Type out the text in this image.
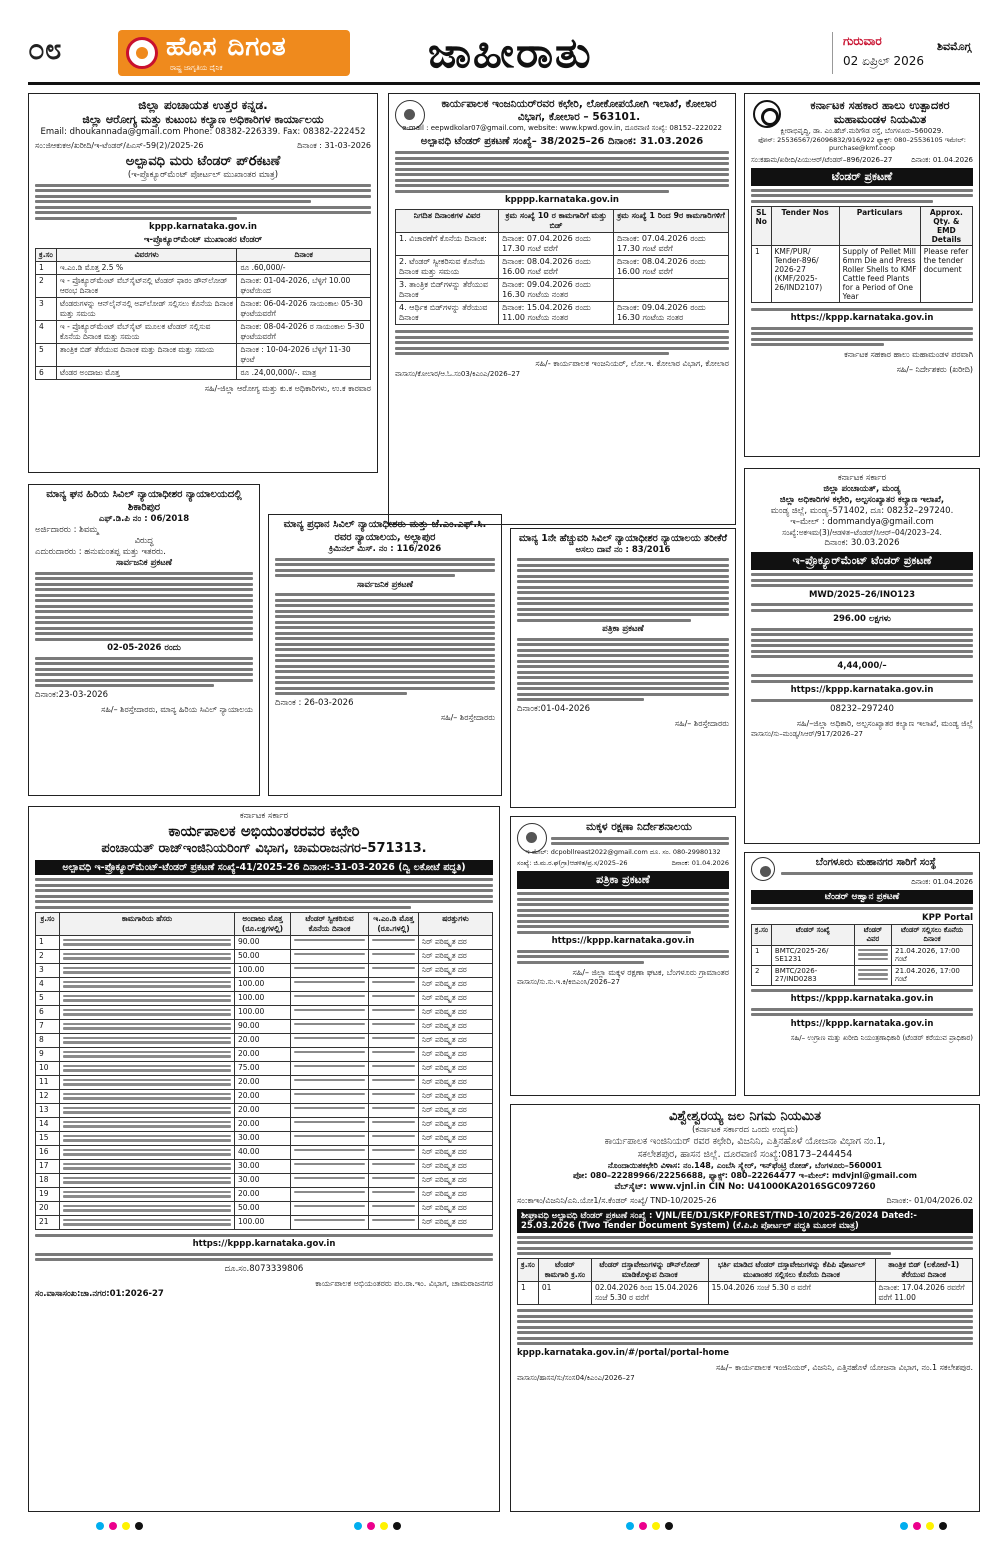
೦೮	ಹೊಸ ದಿಗಂತ
ರಾಷ್ಟ್ರ ಜಾಗೃತಿಯ ದೈನಿಕ	ಜಾಹೀರಾತು	ಗುರುವಾರ
02 ಏಪ್ರಿಲ್ 2026
ಶಿವಮೊಗ್ಗ
ಜಿಲ್ಲಾ ಪಂಚಾಯತ ಉತ್ತರ ಕನ್ನಡ.
ಜಿಲ್ಲಾ ಆರೋಗ್ಯ ಮತ್ತು ಕುಟುಂಬ ಕಲ್ಯಾಣ ಅಧಿಕಾರಿಗಳ ಕಾರ್ಯಾಲಯ
Email: dhoukannada@gmail.com Phone: 08382-226339. Fax: 08382-222452
ಸಂ:ಜಿಆಕುಕಅ/ಖರೀದಿ/ಇ-ಟೆಂಡರ್/ಪಿಎಸ್-59(2)/2025-26	ದಿನಾಂಕ : 31-03-2026
ಅಲ್ಪಾವಧಿ ಮರು ಟೆಂಡರ್ ಪ್రಕಟಣೆ
(ಇ-ಪ್ರೊಕ್ಯೂರ್‌ಮೆಂಟ್ ಪೋರ್ಟಲ್ ಮುಖಾಂತರ ಮಾತ್ರ)
kppp.karnataka.gov.in
ಇ-ಪ್ರೊಕ್ಯೂರ್‌ಮೆಂಟ್ ಮುಖಾಂತರ ಟೆಂಡರ್
ಕ್ರ.ಸಂ	ವಿವರಗಳು	ದಿನಾಂಕ
1	ಇ.ಎಂ.ಡಿ ಮೊತ್ತ 2.5 %	ರೂ .60,000/-
2	ಇ - ಪ್ರೊಕ್ಯೂರ್‌ಮೆಂಟ್ ವೆಬ್‌ಸೈಟ್‌ನಲ್ಲಿ ಟೆಂಡರ್ ಫಾರಂ ಡೌನ್‌ಲೋಡ್ ಆರಂಭ ದಿನಾಂಕ	ದಿನಾಂಕ: 01-04-2026, ಬೆಳ್ಳಿಗೆ 10.00 ಘಂಟೆಯಿಂದ
3	ಟೆಂಡರುಗಳನ್ನು ಆನ್‌ಲೈನ್‌ನಲ್ಲಿ ಅಪ್‌ಲೋಡ್ ಸಲ್ಲಿಸಲು ಕೊನೆಯ ದಿನಾಂಕ ಮತ್ತು ಸಮಯ	ದಿನಾಂಕ: 06-04-2026 ಸಾಯಂಕಾಲ 05-30 ಘಂಟೆಯವರೆಗೆ
4	ಇ - ಪ್ರೊಕ್ಯೂರ್‌ಮೆಂಟ್ ವೆಬ್‌ಸೈಟ್ ಮೂಲಕ ಟೆಂಡರ್ ಸಲ್ಲಿಸುವ ಕೊನೆಯ ದಿನಾಂಕ ಮತ್ತು ಸಮಯ	ದಿನಾಂಕ: 08-04-2026 ರ ಸಾಯಂಕಾಲ 5-30 ಘಂಟೆಯವರೆಗೆ
5	ತಾಂತ್ರಿಕ ಬಿಡ್ ತೆರೆಯುವ ದಿನಾಂಕ ಮತ್ತು ದಿನಾಂಕ ಮತ್ತು ಸಮಯ	ದಿನಾಂಕ : 10-04-2026 ಬೆಳ್ಳಿಗೆ 11-30 ಘಂಟೆ
6	ಟೆಂಡರ ಅಂದಾಜು ಮೊತ್ತ	ರೂ .24,00,000/-. ಮಾತ್ರ
ಸಹಿ/-ಜಿಲ್ಲಾ ಆರೋಗ್ಯ ಮತ್ತು ಕು.ಕ ಅಧಿಕಾರಿಗಳು, ಉ.ಕ ಕಾರವಾರ
ಕಾರ್ಯಪಾಲಕ ಇಂಜನಿಯರ್‌ರವರ ಕಛೇರಿ, ಲೋಕೋಪಯೋಗಿ ಇಲಾಖೆ, ಕೋಲಾರ ವಿಭಾಗ, ಕೋಲಾರ – 563101.
e-mail : eepwdkolar07@gmail.com, website: www.kpwd.gov.in, ದೂರವಾಣಿ ಸಂಖ್ಯೆ: 08152–222022
ಅಲ್ಪಾವಧಿ ಟೆಂಡರ್ ಪ್ರಕಟಣೆ ಸಂಖ್ಯೆ– 38/2025–26 ದಿನಾಂಕ: 31.03.2026
kpppp.karnataka.gov.in
ನಿಗದಿತ ದಿನಾಂಕಗಳ ವಿವರ	ಕ್ರಮ ಸಂಖ್ಯೆ 10 ರ ಕಾಮಗಾರಿಗೆ ಮತ್ತು ಬಿಡ್	ಕ್ರಮ ಸಂಖ್ಯೆ 1 ರಿಂದ 9ರ ಕಾಮಗಾರಿಗಳಿಗೆ
1. ವಿಚಾರಣೆಗೆ ಕೊನೆಯ ದಿನಾಂಕ:	ದಿನಾಂಕ: 07.04.2026 ರಂದು 17.30 ಗಂಟೆ ವರೆಗೆ	ದಿನಾಂಕ: 07.04.2026 ರಂದು 17.30 ಗಂಟೆ ವರೆಗೆ
2. ಟೆಂಡರ್ ಸ್ವೀಕರಿಸುವ ಕೊನೆಯ ದಿನಾಂಕ ಮತ್ತು ಸಮಯ	ದಿನಾಂಕ: 08.04.2026 ರಂದು 16.00 ಗಂಟೆ ವರೆಗೆ	ದಿನಾಂಕ: 08.04.2026 ರಂದು 16.00 ಗಂಟೆ ವರೆಗೆ
3. ತಾಂತ್ರಿಕ ಬಿಡ್‌ಗಳನ್ನು ತೆರೆಯುವ ದಿನಾಂಕ	ದಿನಾಂಕ: 09.04.2026 ರಂದು 16.30 ಗಂಟೆಯ ನಂತರ	
4. ಆರ್ಥಿಕ ಬಿಡ್‌ಗಳನ್ನು ತೆರೆಯುವ ದಿನಾಂಕ	ದಿನಾಂಕ: 15.04.2026 ರಂದು 11.00 ಗಂಟೆಯ ನಂತರ	ದಿನಾಂಕ: 09.04.2026 ರಂದು 16.30 ಗಂಟೆಯ ನಂತರ
ಸಹಿ/- ಕಾರ್ಯಪಾಲಕ ಇಂಜನಿಯರ್, ಲೋ.ಇ. ಕೋಲಾರ ವಿಭಾಗ, ಕೋಲಾರ
ವಾಸಾಸಂ/ಕೋಲಾರ/ಆ.ಓ.ಸಂ03/ಕಿಎಂಎ/2026–27
ಕರ್ನಾಟಕ ಸಹಕಾರ ಹಾಲು ಉತ್ಪಾದಕರ ಮಹಾಮಂಡಳ ನಿಯಮಿತ
ಕ್ಷೀರಾಭಿವೃದ್ಧಿ, ಡಾ. ಎಂ.ಹೆಚ್.ಮರಿಗೌಡ ರಸ್ತೆ, ಬೆಂಗಳೂರು–560029.
ಫೋನ್: 25536567/26096832/916/922 ಫ್ಯಾಕ್ಸ್: 080–25536105 ಇಮೇಲ್: purchase@kmf.coop
ಸಂ:ಕಹಾಮ/ಖರೀದಿ/ಪಿಯುಆರ್/ಟೆಂಡರ್–896/2026–27	ದಿನಾಂಕ: 01.04.2026
ಟೆಂಡರ್ ಪ್ರಕಟಣೆ
SL No	Tender Nos	Particulars	Approx. Qty. & EMD Details
1	KMF/PUR/ Tender-896/ 2026-27 (KMF/2025-26/IND2107)	Supply of Pellet Mill 6mm Die and Press Roller Shells to KMF Cattle feed Plants for a Period of One Year	Please refer the tender document
https://kppp.karnataka.gov.in
ಕರ್ನಾಟಕ ಸಹಕಾರ ಹಾಲು ಮಹಾಮಂಡಳ ಪರವಾಗಿ
ಸಹಿ/– ನಿರ್ದೇಶಕರು (ಖರೀದಿ)
ಕರ್ನಾಟಕ ಸರ್ಕಾರ
ಜಿಲ್ಲಾ ಪಂಚಾಯತ್, ಮಂಡ್ಯ
ಜಿಲ್ಲಾ ಅಧಿಕಾರಿಗಳ ಕಛೇರಿ, ಅಲ್ಪಸಂಖ್ಯಾತರ ಕಲ್ಯಾಣ ಇಲಾಖೆ,
ಮಂಡ್ಯ ಜಿಲ್ಲೆ, ಮಂಡ್ಯ–571402, ದೂ: 08232–297240.
ಇ–ಮೇಲ್ : dommandya@gmail.com
ಸಂಖ್ಯೆ:ಅಕಇಮ(3)/ಆಡಳಿತ–ಟೆಂಡರ್/ಸಿಆರ್–04/2023–24.
ದಿನಾಂಕ: 30.03.2026
ಇ–ಪ್ರೊಕ್ಯೂರ್‌ಮೆಂಟ್ ಟೆಂಡರ್ ಪ್ರಕಟಣೆ
MWD/2025–26/INO123
296.00 ಲಕ್ಷಗಳು
4,44,000/–
https://kppp.karnataka.gov.in
08232–297240
ಸಹಿ/–ಜಿಲ್ಲಾ ಅಧಿಕಾರಿ, ಅಲ್ಪಸಂಖ್ಯಾತರ ಕಲ್ಯಾಣ ಇಲಾಖೆ, ಮಂಡ್ಯ ಜಿಲ್ಲೆ
ವಾಸಾಸಂ/ಸು–ಮಂಡ್ಯ/ಸಿಆರ್/917/2026–27
ಮಾನ್ಯ ಘನ ಹಿರಿಯ ಸಿವಿಲ್ ನ್ಯಾಯಾಧೀಶರ ನ್ಯಾಯಾಲಯದಲ್ಲಿ ಶಿಕಾರಿಪುರ
ಎಫ್.ಡಿ.ಪಿ ನಂ : 06/2018
ಅರ್ಜಿದಾರರು : ಶಿವಮ್ಮ
ವಿರುದ್ಧ
ಎದುರುದಾರರು : ಹನುಮಂತಪ್ಪ ಮತ್ತು ಇತರರು.
ಸಾರ್ವಜನಿಕ ಪ್ರಕಟಣೆ
02-05-2026 ರಂದು
ದಿನಾಂಕ:23-03-2026
ಸಹಿ/– ಶಿರಸ್ತೇದಾರರು, ಮಾನ್ಯ ಹಿರಿಯ ಸಿವಿಲ್ ನ್ಯಾಯಾಲಯ
ಮಾನ್ಯ ಪ್ರಧಾನ ಸಿವಿಲ್ ನ್ಯಾಯಾಧೀಶರು ಮತ್ತು ಜೆ.ಎಂ.ಎಫ್.ಸಿ. ರವರ ನ್ಯಾಯಾಲಯ, ಅಲ್ಲಾಪುರ
ಕ್ರಿಮಿನಲ್ ಮಿಸ್. ನಂ : 116/2026
ಸಾರ್ವಜನಿಕ ಪ್ರಕಟಣೆ
ದಿನಾಂಕ : 26-03-2026
ಸಹಿ/– ಶಿರಸ್ತೇದಾರರು
ಮಾನ್ಯ 1ನೇ ಹೆಚ್ಚುವರಿ ಸಿವಿಲ್ ನ್ಯಾಯಾಧೀಶರ ನ್ಯಾಯಾಲಯ ತರೀಕೆರೆ
ಅಸಲು ದಾವೆ ನಂ : 83/2016
ಪತ್ರಿಕಾ ಪ್ರಕಟಣೆ
ದಿನಾಂಕ:01-04-2026
ಸಹಿ/– ಶಿರಸ್ತೇದಾರರು
ಕರ್ನಾಟಕ ಸರ್ಕಾರ
ಕಾರ್ಯಪಾಲಕ ಅಭಿಯಂತರರವರ ಕಛೇರಿ
ಪಂಚಾಯತ್ ರಾಜ್ಇಂಜಿನಿಯರಿಂಗ್ ವಿಭಾಗ, ಚಾಮರಾಜನಗರ–571313.
ಅಲ್ಪಾವಧಿ ಇ-ಪ್ರೊಕ್ಯೂರ್‌ಮೆಂಟ್-ಟೆಂಡರ್ ಪ್ರಕಟಣೆ ಸಂಖ್ಯೆ-41/2025-26 ದಿನಾಂಕ:-31-03-2026 (ದ್ವಿ ಲಕೋಟೆ ಪದ್ಧತಿ)
ಕ್ರ.ಸಂ	ಕಾಮಗಾರಿಯ ಹೆಸರು	ಅಂದಾಜು ಮೊತ್ತ (ರೂ.ಲಕ್ಷಗಳಲ್ಲಿ)	ಟೆಂಡರ್ ಸ್ವೀಕರಿಸುವ ಕೊನೆಯ ದಿನಾಂಕ	ಇ.ಎಂ.ಡಿ ಮೊತ್ತ (ರೂ.ಗಳಲ್ಲಿ)	ಷರತ್ತುಗಳು
1		90.00			ನಿರ್ ಪರಿಷ್ಕೃತ ದರ
2		50.00			ನಿರ್ ಪರಿಷ್ಕೃತ ದರ
3		100.00			ನಿರ್ ಪರಿಷ್ಕೃತ ದರ
4		100.00			ನಿರ್ ಪರಿಷ್ಕೃತ ದರ
5		100.00			ನಿರ್ ಪರಿಷ್ಕೃತ ದರ
6		100.00			ನಿರ್ ಪರಿಷ್ಕೃತ ದರ
7		90.00			ನಿರ್ ಪರಿಷ್ಕೃತ ದರ
8		20.00			ನಿರ್ ಪರಿಷ್ಕೃತ ದರ
9		20.00			ನಿರ್ ಪರಿಷ್ಕೃತ ದರ
10		75.00			ನಿರ್ ಪರಿಷ್ಕೃತ ದರ
11		20.00			ನಿರ್ ಪರಿಷ್ಕೃತ ದರ
12		20.00			ನಿರ್ ಪರಿಷ್ಕೃತ ದರ
13		20.00			ನಿರ್ ಪರಿಷ್ಕೃತ ದರ
14		20.00			ನಿರ್ ಪರಿಷ್ಕೃತ ದರ
15		30.00			ನಿರ್ ಪರಿಷ್ಕೃತ ದರ
16		40.00			ನಿರ್ ಪರಿಷ್ಕೃತ ದರ
17		30.00			ನಿರ್ ಪರಿಷ್ಕೃತ ದರ
18		30.00			ನಿರ್ ಪರಿಷ್ಕೃತ ದರ
19		20.00			ನಿರ್ ಪರಿಷ್ಕೃತ ದರ
20		50.00			ನಿರ್ ಪರಿಷ್ಕೃತ ದರ
21		100.00			ನಿರ್ ಪರಿಷ್ಕೃತ ದರ
https://kppp.karnataka.gov.in
ದೂ.ಸಂ.8073339806
ಕಾರ್ಯಪಾಲಕ ಅಭಿಯಂತರರು ಪಂ.ರಾ.ಇಂ. ವಿಭಾಗ, ಚಾಮರಾಜನಗರ
ಸಂ.ವಾಸಾಸಂಖ:ಚಾ.ನಗರ:01:2026-27
ಮಕ್ಕಳ ರಕ್ಷಣಾ ನಿರ್ದೇಶನಾಲಯ
ಇ-ಮೇಲ್: dcpobllreast2022@gmail.com ದೂ. ಸಂ. 080-29980132
ಸಂಖ್ಯೆ: ಜಿ.ಮ.ರ.ಘ(ಗ್ರಾ)ಆಡಳಿತ/ಪ್ರ.ಸ/2025–26	ದಿನಾಂಕ: 01.04.2026
ಪತ್ರಿಕಾ ಪ್ರಕಟಣೆ
https://kppp.karnataka.gov.in
ಸಹಿ/– ಜಿಲ್ಲಾ ಮಕ್ಕಳ ರಕ್ಷಣಾ ಘಟಕ, ಬೆಂಗಳೂರು ಗ್ರಾಮಾಂತರ
ವಾಸಾಸಂ/ಸು.ಸು.ಇ.ಕಿ/ಕಿಬಿಎಂಸಿ/2026–27
ಬೆಂಗಳೂರು ಮಹಾನಗರ ಸಾರಿಗೆ ಸಂಸ್ಥೆ
ದಿನಾಂಕ: 01.04.2026
ಟೆಂಡರ್ ಆಹ್ವಾನ ಪ್ರಕಟಣೆ
KPP Portal
ಕ್ರ.ಸಂ	ಟೆಂಡರ್ ಸಂಖ್ಯೆ	ಟೆಂಡರ್ ವಿವರ	ಟೆಂಡರ್ ಸಲ್ಲಿಸಲು ಕೊನೆಯ ದಿನಾಂಕ
1	BMTC/2025-26/ SE1231		21.04.2026, 17:00 ಗಂಟೆ
2	BMTC/2026-27/IND0283		21.04.2026, 17:00 ಗಂಟೆ
https://kppp.karnataka.gov.in
https://kppp.karnataka.gov.in
ಸಹಿ/– ಉಗ್ರಾಣ ಮತ್ತು ಖರೀದಿ ನಿಯಂತ್ರಣಾಧಿಕಾರಿ (ಟೆಂಡರ್ ಕರೆಯುವ ಪ್ರಾಧಿಕಾರ)
ವಿಶ್ವೇಶ್ವರಯ್ಯ ಜಲ ನಿಗಮ ನಿಯಮಿತ
(ಕರ್ನಾಟಕ ಸರ್ಕಾರದ ಒಂದು ಉದ್ಯಮ)
ಕಾರ್ಯಪಾಲಕ ಇಂಜಿನಿಯರ್ ರವರ ಕಛೇರಿ, ವಿಜನಿನಿ, ಎತ್ತಿನಹೊಳೆ ಯೋಜನಾ ವಿಭಾಗ ನಂ.1,
ಸಕಲೇಶಪುರ, ಹಾಸನ ಜಿಲ್ಲೆ. ದೂರವಾಣಿ ಸಂಖ್ಯೆ:08173–244454
ನೊಂದಾಯಿತಕಛೇರಿ ವಿಳಾಸ: ನಂ.148, ಎಂಬೆಸಿ ಸ್ಕ್ವೇರ್, ಇನ್‌ಫೆಂಟ್ರಿ ರೋಡ್, ಬೆಂಗಳೂರು–560001
ಪೋ: 080–22289966/22256688, ಫ್ಯಾಕ್ಸ್: 080–22264477 ಇ–ಮೇಲ್: mdvjnl@gmail.com
ವೆಬ್‌ಸೈಟ್: www.vjnl.in CIN No: U41000KA2016SGC097260
ಸಂ:ಕಾಇಂ/ವಿಜನಿನಿ/ಎನಿ.ಯೋ1/ಸ.ಕೆಂಡರ್ ಸಂಖ್ಯೆ/ TND-10/2025-26	ದಿನಾಂಕ:- 01/04/2026.02
ಶೀಘ್ರಾವಧಿ ಅಲ್ಪಾವಧಿ ಟೆಂಡರ್ ಪ್ರಕಟಣೆ ಸಂಖ್ಯೆ : VJNL/EE/D1/SKP/FOREST/TND-10/2025-26/2024 Dated:- 25.03.2026 (Two Tender Document System) (ಕೆ.ಪಿ.ಪಿ ಪೋರ್ಟಲ್ ಪದ್ಧತಿ ಮೂಲಕ ಮಾತ್ರ)
ಕ್ರ.ಸಂ	ಟೆಂಡರ್ ಕಾಮಗಾರಿ ಕ್ರ.ಸಂ	ಟೆಂಡರ್ ದಸ್ತಾವೇಜುಗಳನ್ನು ಡೌನ್‌ಲೋಡ್ ಮಾಡಿಕೊಳ್ಳುವ ದಿನಾಂಕ	ಭರ್ತಿ ಮಾಡಿದ ಟೆಂಡರ್ ದಸ್ತಾವೇಜುಗಳನ್ನು ಕೆಪಿಪಿ ಪೋರ್ಟಲ್ ಮುಖಾಂತರ ಸಲ್ಲಿಸಲು ಕೊನೆಯ ದಿನಾಂಕ	ತಾಂತ್ರಿಕ ಬಿಡ್ (ಲಕೋಟೆ-1) ತೆರೆಯುವ ದಿನಾಂಕ
1	01	02.04.2026 ರಿಂದ 15.04.2026 ಸಂಜೆ 5.30 ರ ವರೆಗೆ	15.04.2026 ಸಂಜೆ 5.30 ರ ವರೆಗೆ	ದಿನಾಂಕ: 17.04.2026 ರವರೆಗೆ ವರೆಗೆ 11.00
kppp.karnataka.gov.in/#/portal/portal-home
ಸಹಿ/– ಕಾರ್ಯಪಾಲಕ ಇಂಜಿನಿಯರ್, ವಿಜನಿನಿ, ಎತ್ತಿನಹೊಳೆ ಯೋಜನಾ ವಿಭಾಗ, ನಂ.1 ಸಕಲೇಶಪುರ.
ವಾಸಾಸಂ/ಹಾಸನ/ಸು/ಸಂಸ04/ಕಿಎಂಎ/2026–27
